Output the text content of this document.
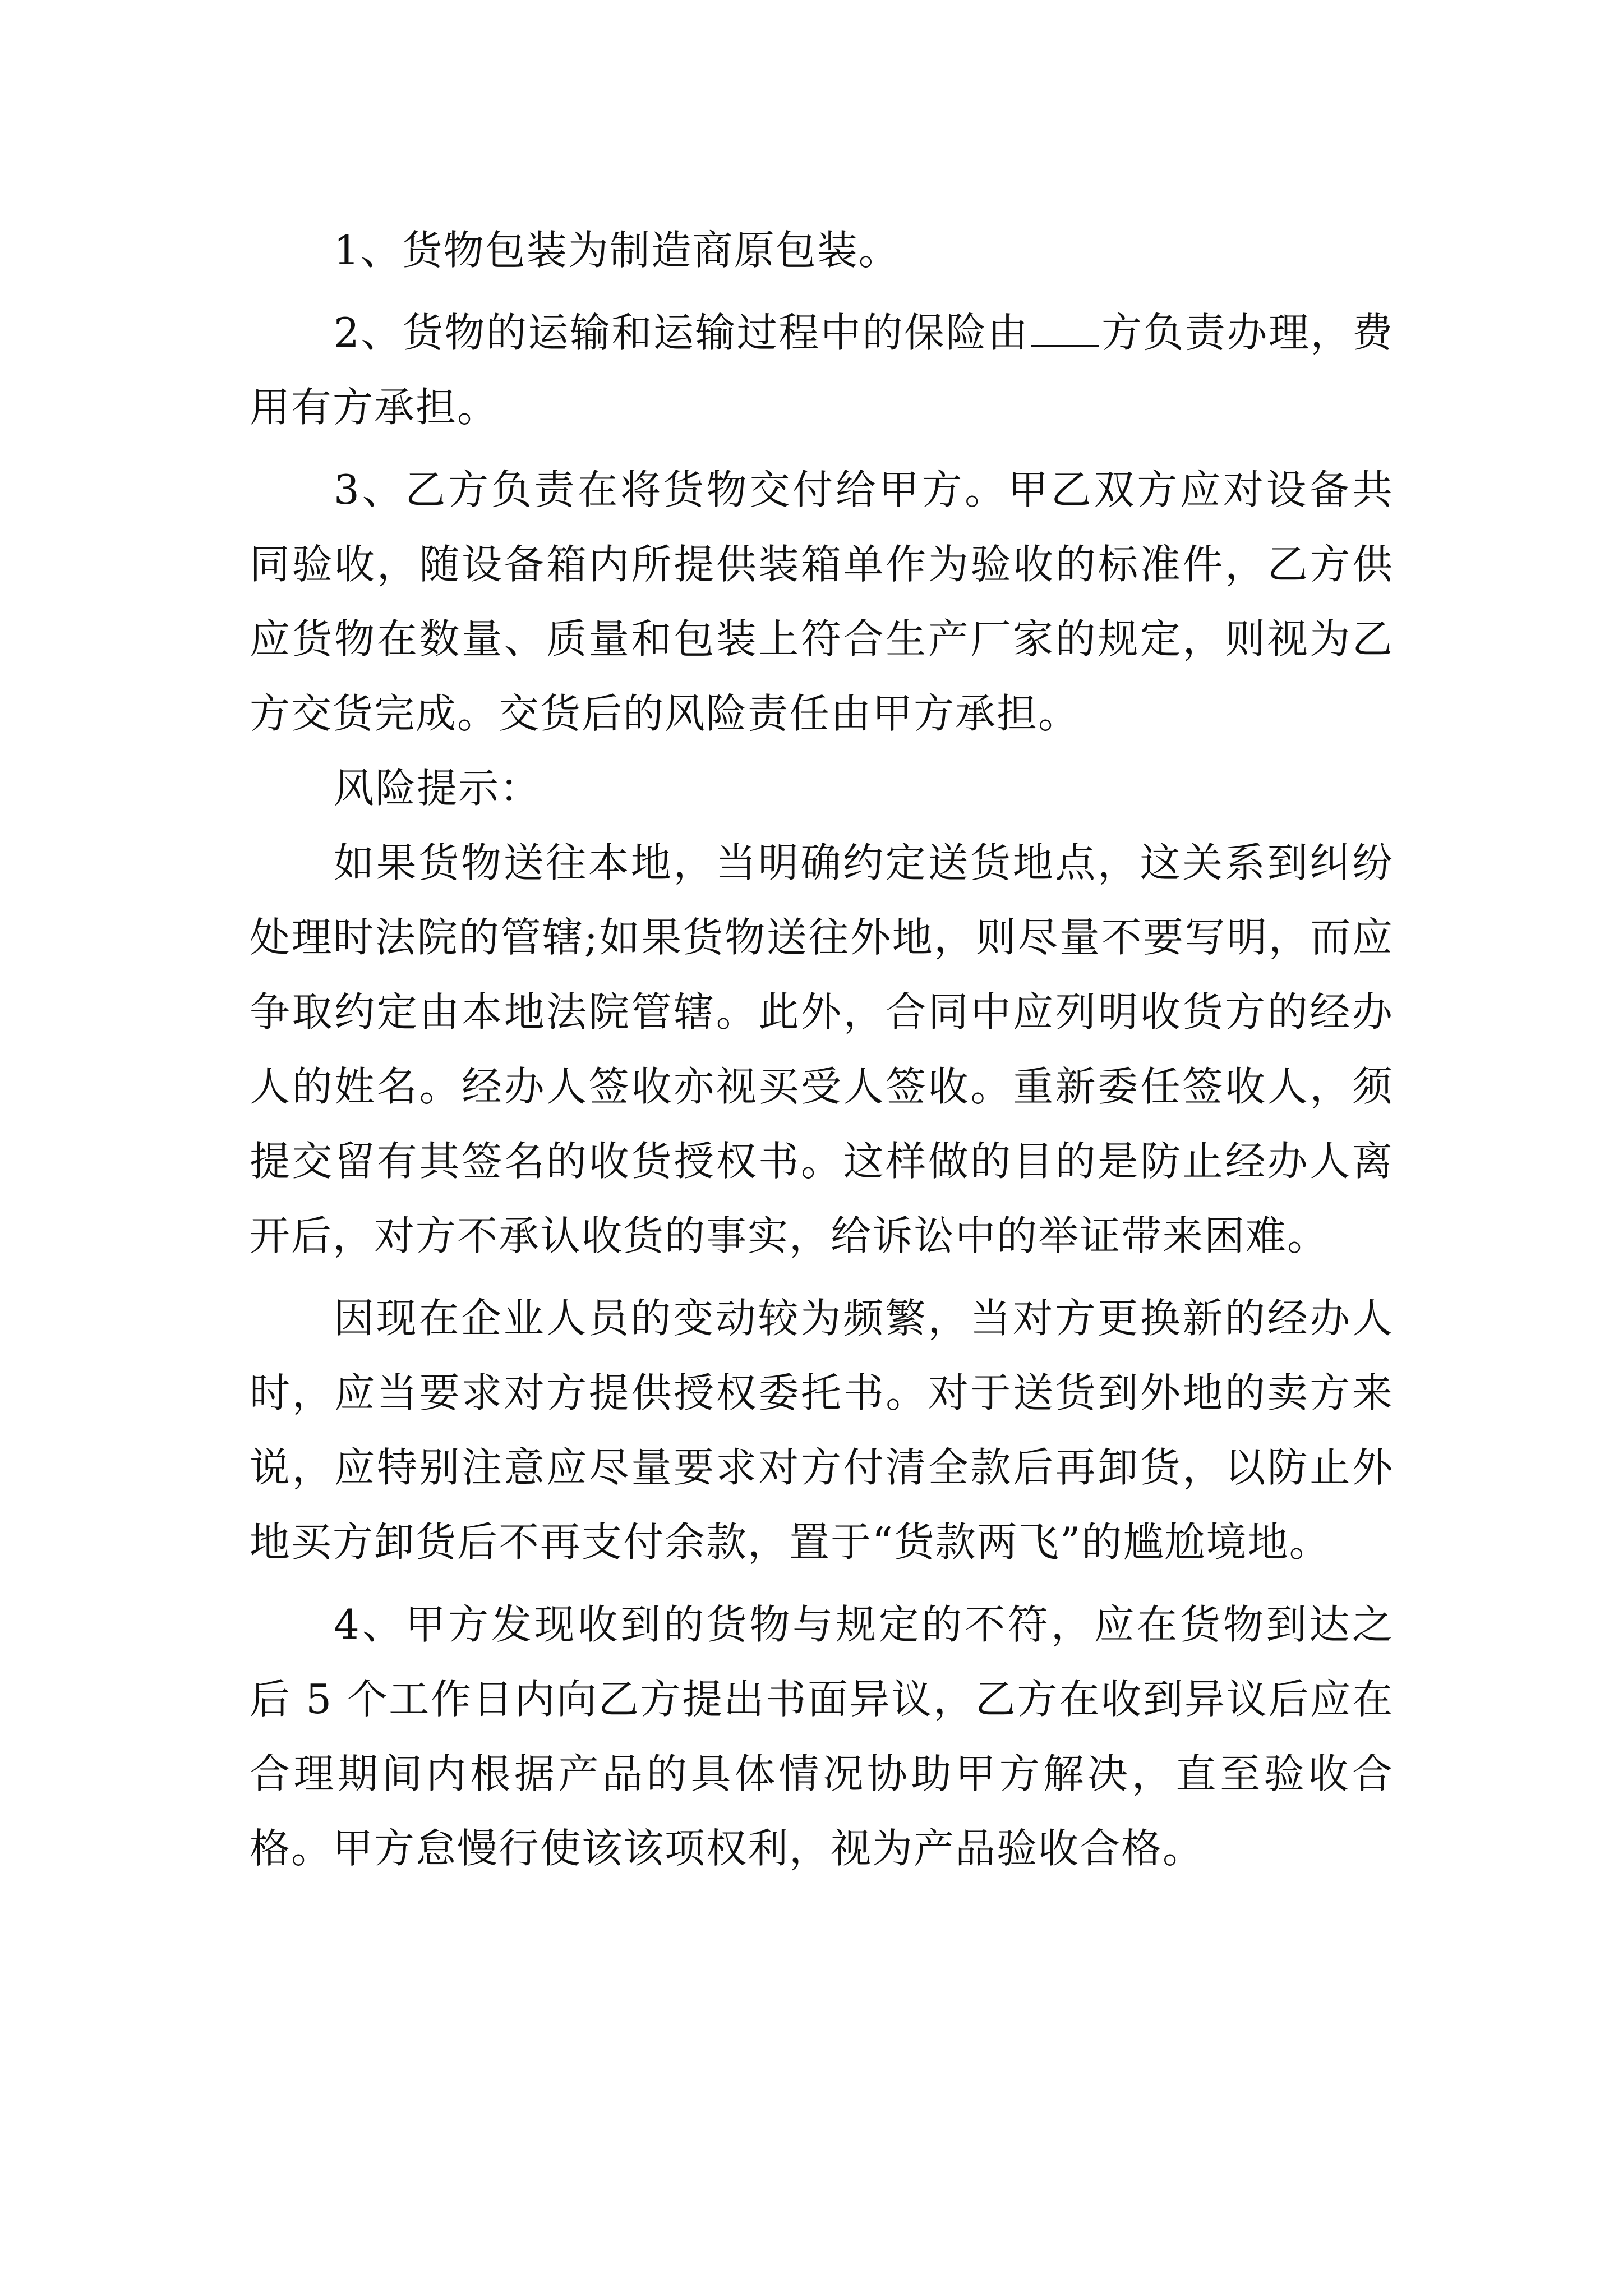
1、货物包装为制造商原包装。

2、货物的运输和运输过程中的保险由 方负责办理，费用有方承担。

3、乙方负责在将货物交付给甲方。甲乙双方应对设备共同验收，随设备箱内所提供装箱单作为验收的标准件，乙方供应货物在数量、质量和包装上符合生产厂家的规定，则视为乙方交货完成。交货后的风险责任由甲方承担。

风险提示：

如果货物送往本地，当明确约定送货地点，这关系到纠纷处理时法院的管辖;如果货物送往外地，则尽量不要写明，而应争取约定由本地法院管辖。此外，合同中应列明收货方的经办人的姓名。经办人签收亦视买受人签收。重新委任签收人，须提交留有其签名的收货授权书。这样做的目的是防止经办人离开后，对方不承认收货的事实，给诉讼中的举证带来困难。

因现在企业人员的变动较为频繁，当对方更换新的经办人时，应当要求对方提供授权委托书。对于送货到外地的卖方来说，应特别注意应尽量要求对方付清全款后再卸货，以防止外地买方卸货后不再支付余款，置于“货款两飞”的尴尬境地。

4、甲方发现收到的货物与规定的不符，应在货物到达之后 5 个工作日内向乙方提出书面异议，乙方在收到异议后应在合理期间内根据产品的具体情况协助甲方解决，直至验收合格。甲方怠慢行使该该项权利，视为产品验收合格。
